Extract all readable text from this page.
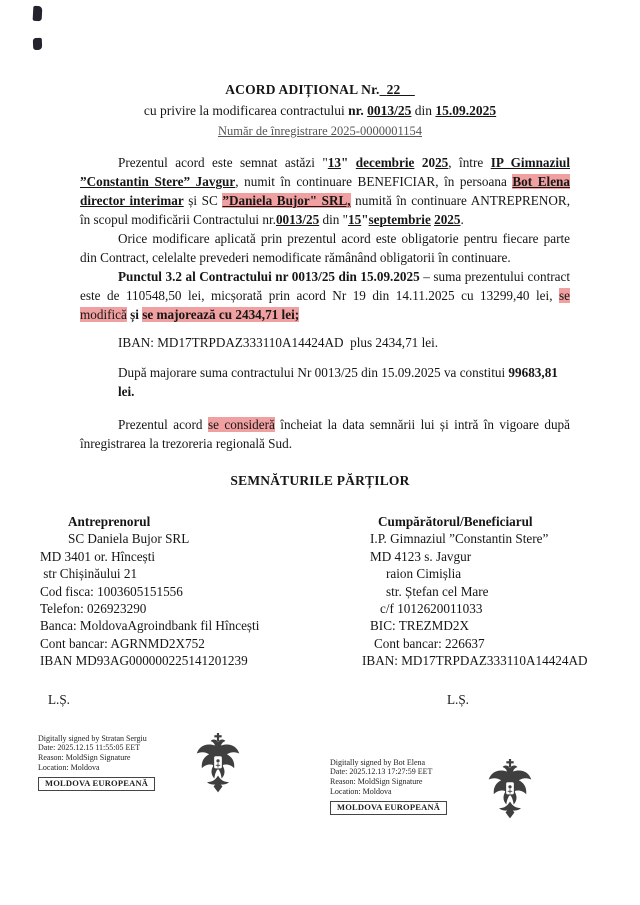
ACORD ADIȚIONAL Nr._22
cu privire la modificarea contractului nr. 0013/25 din 15.09.2025
Număr de înregistrare 2025-0000001154

Prezentul acord este semnat astăzi "13" decembrie 2025, între IP Gimnaziul ”Constantin Stere” Javgur, numit în continuare BENEFICIAR, în persoana Bot Elena director interimar și SC ”Daniela Bujor" SRL, numită în continuare ANTREPRENOR, în scopul modificării Contractului nr.0013/25 din "15"septembrie 2025.

Orice modificare aplicată prin prezentul acord este obligatorie pentru fiecare parte din Contract, celelalte prevederi nemodificate rămânând obligatorii în continuare.

Punctul 3.2 al Contractului nr 0013/25 din 15.09.2025 – suma prezentului contract este de 110548,50 lei, micșorată prin acord Nr 19 din 14.11.2025 cu 13299,40 lei, se modifică și se majorează cu 2434,71 lei;

IBAN: MD17TRPDAZ333110A14424AD  plus 2434,71 lei.

După majorare suma contractului Nr 0013/25 din 15.09.2025 va constitui 99683,81 lei.

Prezentul acord se consideră încheiat la data semnării lui și intră în vigoare după înregistrarea la trezoreria regională Sud.

SEMNĂTURILE PĂRȚILOR
Antreprenorul
SC Daniela Bujor SRL
MD 3401 or. Hîncești
str Chișinăului 21
Cod fisca: 1003605151556
Telefon: 026923290
Banca: MoldovaAgroindbank fil Hîncești
Cont bancar: AGRNMD2X752
IBAN MD93AG000000225141201239
Cumpărătorul/Beneficiarul
I.P. Gimnaziul ”Constantin Stere”
MD 4123 s. Javgur
raion Cimișlia
str. Ștefan cel Mare
c/f 1012620011033
BIC: TREZMD2X
Cont bancar: 226637
IBAN: MD17TRPDAZ333110A14424AD
L.Ș.	L.Ș.
Digitally signed by Stratan Sergiu
Date: 2025.12.15 11:55:05 EET
Reason: MoldSign Signature
Location: Moldova
MOLDOVA EUROPEANĂ
Digitally signed by Bot Elena
Date: 2025.12.13 17:27:59 EET
Reason: MoldSign Signature
Location: Moldova
MOLDOVA EUROPEANĂ
